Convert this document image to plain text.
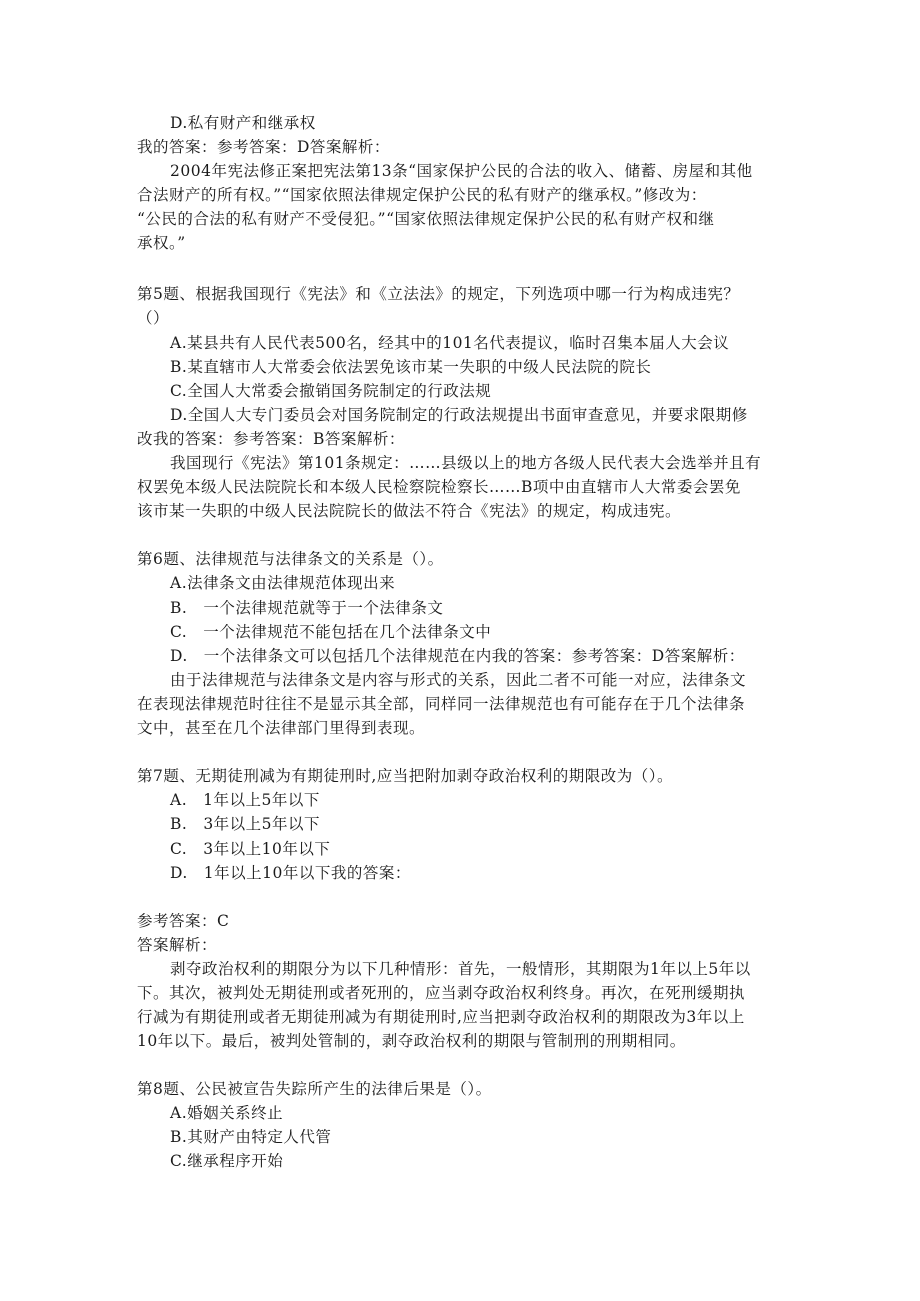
D.私有财产和继承权
我的答案：参考答案：D答案解析：
2004年宪法修正案把宪法第13条“国家保护公民的合法的收入、储蓄、房屋和其他
合法财产的所有权。”“国家依照法律规定保护公民的私有财产的继承权。”修改为：
“公民的合法的私有财产不受侵犯。”“国家依照法律规定保护公民的私有财产权和继
承权。”
第5题、根据我国现行《宪法》和《立法法》的规定，下列选项中哪一行为构成违宪？
（）
A.某县共有人民代表500名，经其中的101名代表提议，临时召集本届人大会议
B.某直辖市人大常委会依法罢免该市某一失职的中级人民法院的院长
C.全国人大常委会撤销国务院制定的行政法规
D.全国人大专门委员会对国务院制定的行政法规提出书面审查意见，并要求限期修
改我的答案：参考答案：B答案解析：
我国现行《宪法》第101条规定：……县级以上的地方各级人民代表大会选举并且有
权罢免本级人民法院院长和本级人民检察院检察长……B项中由直辖市人大常委会罢免
该市某一失职的中级人民法院院长的做法不符合《宪法》的规定，构成违宪。
第6题、法律规范与法律条文的关系是（）。
A.法律条文由法律规范体现出来
B.　一个法律规范就等于一个法律条文
C.　一个法律规范不能包括在几个法律条文中
D.　一个法律条文可以包括几个法律规范在内我的答案：参考答案：D答案解析：
由于法律规范与法律条文是内容与形式的关系，因此二者不可能一对应，法律条文
在表现法律规范时往往不是显示其全部，同样同一法律规范也有可能存在于几个法律条
文中，甚至在几个法律部门里得到表现。
第7题、无期徒刑减为有期徒刑时,应当把附加剥夺政治权利的期限改为（）。
A.　1年以上5年以下
B.　3年以上5年以下
C.　3年以上10年以下
D.　1年以上10年以下我的答案：
参考答案：C
答案解析：
剥夺政治权利的期限分为以下几种情形：首先，一般情形，其期限为1年以上5年以
下。其次，被判处无期徒刑或者死刑的，应当剥夺政治权利终身。再次，在死刑缓期执
行减为有期徒刑或者无期徒刑减为有期徒刑时,应当把剥夺政治权利的期限改为3年以上
10年以下。最后，被判处管制的，剥夺政治权利的期限与管制刑的刑期相同。
第8题、公民被宣告失踪所产生的法律后果是（）。
A.婚姻关系终止
B.其财产由特定人代管
C.继承程序开始
